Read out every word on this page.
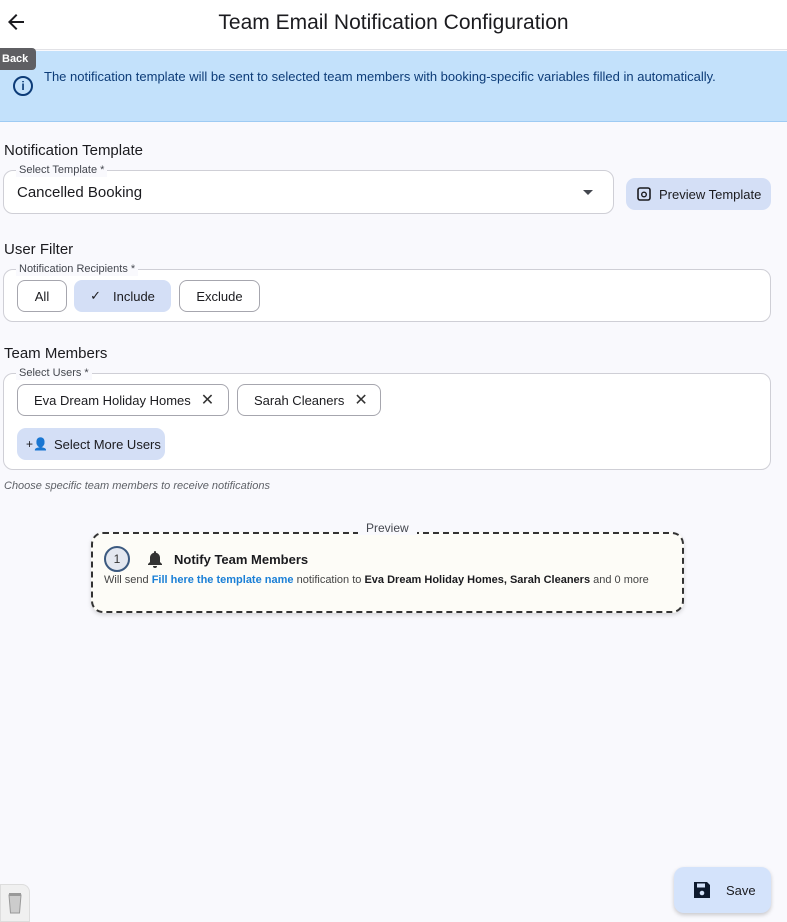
Team Email Notification Configuration
Back
i
The notification template will be sent to selected team members with booking-specific variables filled in automatically.
Notification Template
Select Template *
Cancelled Booking	Preview Template
User Filter
Notification Recipients *
All	✓ Include	Exclude
Team Members
Select Users *
Eva Dream Holiday Homes ✕	Sarah Cleaners ✕
+👤 Select More Users
Choose specific team members to receive notifications
Preview
1	Notify Team Members
Will send Fill here the template name notification to Eva Dream Holiday Homes, Sarah Cleaners and 0 more
Save
